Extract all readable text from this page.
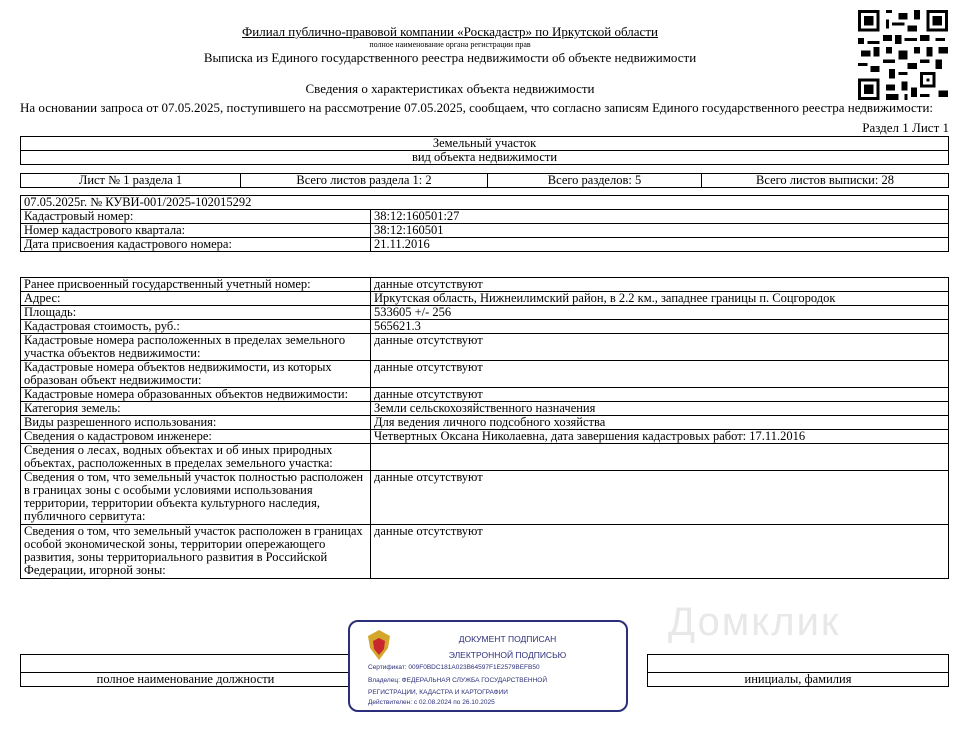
Филиал публично-правовой компании «Роскадастр» по Иркутской области
полное наименование органа регистрации прав
Выписка из Единого государственного реестра недвижимости об объекте недвижимости
Сведения о характеристиках объекта недвижимости
На основании запроса от 07.05.2025, поступившего на рассмотрение 07.05.2025, сообщаем, что согласно записям Единого государственного реестра недвижимости:
Раздел 1 Лист 1
Земельный участок
вид объекта недвижимости
Лист № 1 раздела 1	Всего листов раздела 1: 2	Всего разделов: 5	Всего листов выписки: 28
07.05.2025г. № КУВИ-001/2025-102015292	
Кадастровый номер:	38:12:160501:27
Номер кадастрового квартала:	38:12:160501
Дата присвоения кадастрового номера:	21.11.2016
Ранее присвоенный государственный учетный номер:	данные отсутствуют
Адрес:	Иркутская область, Нижнеилимский район, в 2.2 км., западнее границы п. Соцгородок
Площадь:	533605 +/- 256
Кадастровая стоимость, руб.:	565621.3
Кадастровые номера расположенных в пределах земельного участка объектов недвижимости:	данные отсутствуют
Кадастровые номера объектов недвижимости, из которых образован объект недвижимости:	данные отсутствуют
Кадастровые номера образованных объектов недвижимости:	данные отсутствуют
Категория земель:	Земли сельскохозяйственного назначения
Виды разрешенного использования:	Для ведения личного подсобного хозяйства
Сведения о кадастровом инженере:	Четвертных Оксана Николаевна, дата завершения кадастровых работ: 17.11.2016
Сведения о лесах, водных объектах и об иных природных объектах, расположенных в пределах земельного участка:	
Сведения о том, что земельный участок полностью расположен в границах зоны с особыми условиями использования территории, территории объекта культурного наследия, публичного сервитута:	данные отсутствуют
Сведения о том, что земельный участок расположен в границах особой экономической зоны, территории опережающего развития, зоны территориального развития в Российской Федерации, игорной зоны:	данные отсутствуют
Домклик

полное наименование должности		инициалы, фамилия
ДОКУМЕНТ ПОДПИСАН
ЭЛЕКТРОННОЙ ПОДПИСЬЮ
Сертификат: 009F0BDC181A023B64597F1E2579BEFB50
Владелец: ФЕДЕРАЛЬНАЯ СЛУЖБА ГОСУДАРСТВЕННОЙ
РЕГИСТРАЦИИ, КАДАСТРА И КАРТОГРАФИИ
Действителен: с 02.08.2024 по 26.10.2025
